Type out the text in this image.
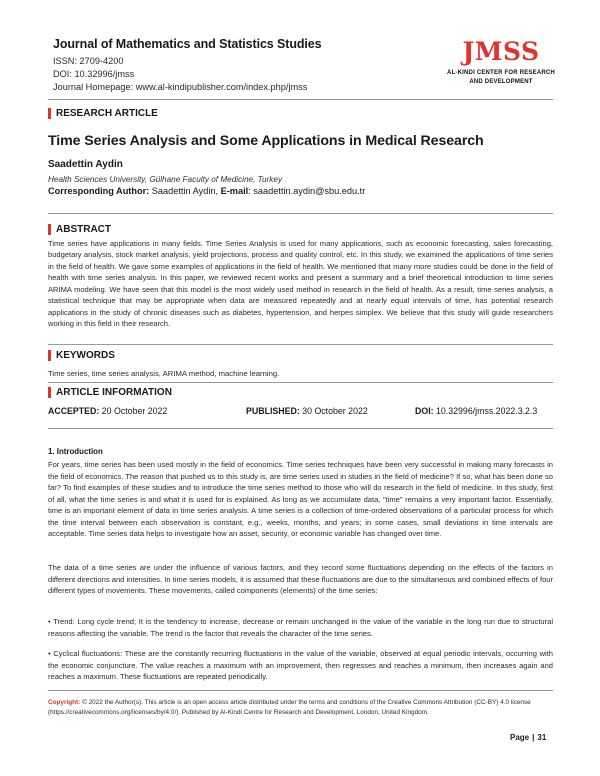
Journal of Mathematics and Statistics Studies
ISSN: 2709-4200
DOI: 10.32996/jmss
Journal Homepage: www.al-kindipublisher.com/index.php/jmss
JMSS
AL-KINDI CENTER FOR RESEARCH
AND DEVELOPMENT
RESEARCH ARTICLE
Time Series Analysis and Some Applications in Medical Research
Saadettin Aydin
Health Sciences University, Gülhane Faculty of Medicine, Turkey
Corresponding Author: Saadettin Aydin, E-mail: saadettin.aydin@sbu.edu.tr
ABSTRACT
Time series have applications in many fields. Time Series Analysis is used for many applications, such as economic forecasting, sales forecasting, budgetary analysis, stock market analysis, yield projections, process and quality control, etc. In this study, we examined the applications of time series in the field of health. We gave some examples of applications in the field of health. We mentioned that many more studies could be done in the field of health with time series analysis. In this paper, we reviewed recent works and present a summary and a brief theoretical introduction to time series ARIMA modeling. We have seen that this model is the most widely used method in research in the field of health. As a result, time series analysis, a statistical technique that may be appropriate when data are measured repeatedly and at nearly equal intervals of time, has potential research applications in the study of chronic diseases such as diabetes, hypertension, and herpes simplex. We believe that this study will guide researchers working in this field in their research.
KEYWORDS
Time series, time series analysis, ARIMA method, machine learning.
ARTICLE INFORMATION
ACCEPTED: 20 October 2022	PUBLISHED: 30 October 2022	DOI: 10.32996/jmss.2022.3.2.3
1. Introduction
For years, time series has been used mostly in the field of economics. Time series techniques have been very successful in making many forecasts in the field of economics. The reason that pushed us to this study is, are time series used in studies in the field of medicine? If so, what has been done so far? To find examples of these studies and to introduce the time series method to those who will do research in the field of medicine. In this study, first of all, what the time series is and what it is used for is explained. As long as we accumulate data, "time" remains a very important factor. Essentially, time is an important element of data in time series analysis. A time series is a collection of time-ordered observations of a particular process for which the time interval between each observation is constant, e.g., weeks, months, and years; in some cases, small deviations in time intervals are acceptable. Time series data helps to investigate how an asset, security, or economic variable has changed over time.
The data of a time series are under the influence of various factors, and they record some fluctuations depending on the effects of the factors in different directions and intensities. In time series models, it is assumed that these fluctuations are due to the simultaneous and combined effects of four different types of movements. These movements, called components (elements) of the time series:
• Trend: Long cycle trend; It is the tendency to increase, decrease or remain unchanged in the value of the variable in the long run due to structural reasons affecting the variable. The trend is the factor that reveals the character of the time series.
• Cyclical fluctuations: These are the constantly recurring fluctuations in the value of the variable, observed at equal periodic intervals, occurring with the economic conjuncture. The value reaches a maximum with an improvement, then regresses and reaches a minimum, then increases again and reaches a maximum. These fluctuations are repeated periodically.
Copyright: © 2022 the Author(s). This article is an open access article distributed under the terms and conditions of the Creative Commons Attribution (CC-BY) 4.0 license (https://creativecommons.org/licenses/by/4.0/). Published by Al-Kindi Centre for Research and Development, London, United Kingdom.
Page | 31
